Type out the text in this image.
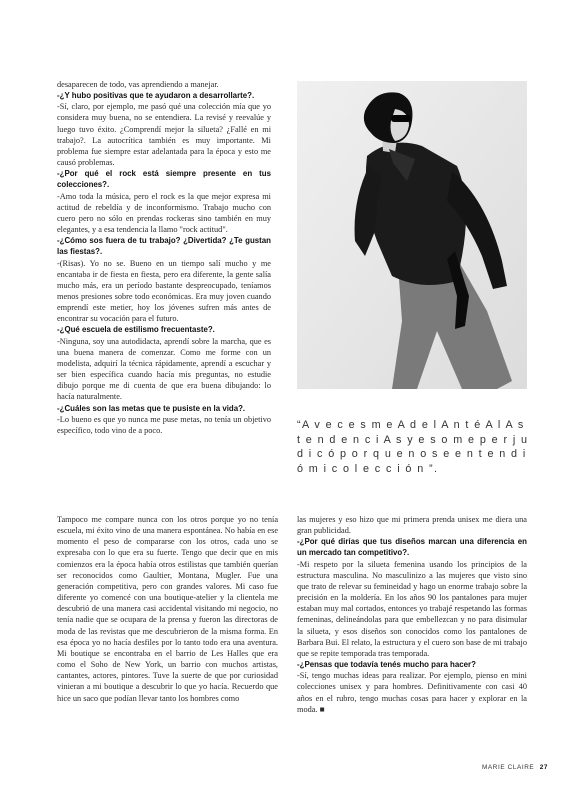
desaparecen de todo, vas aprendiendo a manejar.

-¿Y hubo positivas que te ayudaron a desarrollarte?.

-Sí, claro, por ejemplo, me pasó qué una colección mía que yo considera muy buena, no se entendiera. La revisé y reevalúe y luego tuvo éxito. ¿Comprendí mejor la silueta? ¿Fallé en mi trabajo?. La autocrítica también es muy importante. Mi problema fue siempre estar adelantada para la época y esto me causó problemas.

-¿Por qué el rock está siempre presente en tus colecciones?.

-Amo toda la música, pero el rock es la que mejor expresa mi actitud de rebeldía y de inconformismo. Trabajo mucho con cuero pero no sólo en prendas rockeras sino también en muy elegantes, y a esa tendencia la llamo "rock actitud".

-¿Cómo sos fuera de tu trabajo? ¿Divertida? ¿Te gustan las fiestas?.

-(Risas). Yo no se. Bueno en un tiempo salí mucho y me encantaba ir de fiesta en fiesta, pero era diferente, la gente salía mucho más, era un período bastante despreocupado, teníamos menos presiones sobre todo económicas. Era muy joven cuando emprendí este metier, hoy los jóvenes sufren más antes de encontrar su vocación para el futuro.

-¿Qué escuela de estilismo frecuentaste?.

-Ninguna, soy una autodidacta, aprendí sobre la marcha, que es una buena manera de comenzar. Como me forme con un modelista, adquirí la técnica rápidamente, aprendí a escuchar y ser bien específica cuando hacía mis preguntas, no estudie dibujo porque me di cuenta de que era buena dibujando: lo hacía naturalmente.

-¿Cuáles son las metas que te pusiste en la vida?.

-Lo bueno es que yo nunca me puse metas, no tenía un objetivo específico, todo vino de a poco.	“A v e c e s m e A d e l A n t é A l A s t e n d e n c i A s y e s o m e p e r j u d i c ó p o r q u e n o s e e n t e n d i ó m i c o l e c c i ó n ”.

Tampoco me compare nunca con los otros porque yo no tenía escuela, mi éxito vino de una manera espontánea. No había en ese momento el peso de compararse con los otros, cada uno se expresaba con lo que era su fuerte. Tengo que decir que en mis comienzos era la época había otros estilistas que también querían ser reconocidos como Gaultier, Montana, Mugler. Fue una generación competitiva, pero con grandes valores. Mi caso fue diferente yo comencé con una boutique-atelier y la clientela me descubrió de una manera casi accidental visitando mi negocio, no tenía nadie que se ocupara de la prensa y fueron las directoras de moda de las revistas que me descubrieron de la misma forma. En esa época yo no hacía desfiles por lo tanto todo era una aventura. Mi boutique se encontraba en el barrio de Les Halles que era como el Soho de New York, un barrio con muchos artistas, cantantes, actores, pintores. Tuve la suerte de que por curiosidad vinieran a mi boutique a descubrir lo que yo hacía. Recuerdo que hice un saco que podían llevar tanto los hombres como

las mujeres y eso hizo que mi primera prenda unisex me diera una gran publicidad.

-¿Por qué dirías que tus diseños marcan una diferencia en un mercado tan competitivo?.

-Mi respeto por la silueta femenina usando los principios de la estructura masculina. No masculinizo a las mujeres que visto sino que trato de relevar su femineidad y hago un enorme trabajo sobre la precisión en la moldería. En los años 90 los pantalones para mujer estaban muy mal cortados, entonces yo trabajé respetando las formas femeninas, delineándolas para que embellezcan y no para disimular la silueta, y esos diseños son conocidos como los pantalones de Barbara Bui. El relato, la estructura y el cuero son base de mi trabajo que se repite temporada tras temporada.

-¿Pensas que todavía tenés mucho para hacer?

-Sí, tengo muchas ideas para realizar. Por ejemplo, pienso en mini colecciones unisex y para hombres. Definitivamente con casi 40 años en el rubro, tengo muchas cosas para hacer y explorar en la moda. ■

MARIE CLAIRE 27
